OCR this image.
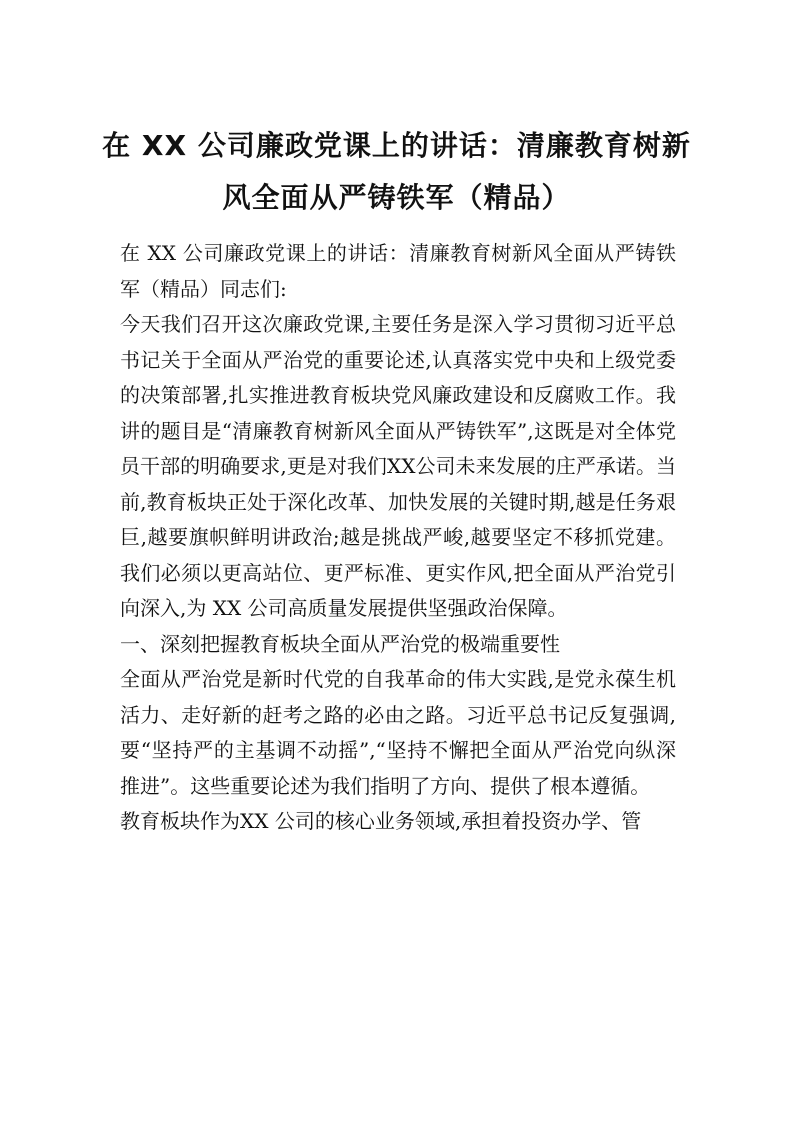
在 XX 公司廉政党课上的讲话：清廉教育树新风全面从严铸铁军（精品）

在 XX 公司廉政党课上的讲话：清廉教育树新风全面从严铸铁军（精品）同志们:

今天我们召开这次廉政党课,主要任务是深入学习贯彻习近平总书记关于全面从严治党的重要论述,认真落实党中央和上级党委的决策部署,扎实推进教育板块党风廉政建设和反腐败工作。我讲的题目是“清廉教育树新风全面从严铸铁军”,这既是对全体党员干部的明确要求,更是对我们XX公司未来发展的庄严承诺。当前,教育板块正处于深化改革、加快发展的关键时期,越是任务艰巨,越要旗帜鲜明讲政治;越是挑战严峻,越要坚定不移抓党建。我们必须以更高站位、更严标准、更实作风,把全面从严治党引向深入,为 XX 公司高质量发展提供坚强政治保障。

一、深刻把握教育板块全面从严治党的极端重要性

全面从严治党是新时代党的自我革命的伟大实践,是党永葆生机活力、走好新的赶考之路的必由之路。习近平总书记反复强调,要“坚持严的主基调不动摇”,“坚持不懈把全面从严治党向纵深推进”。这些重要论述为我们指明了方向、提供了根本遵循。

教育板块作为XX 公司的核心业务领域,承担着投资办学、管
